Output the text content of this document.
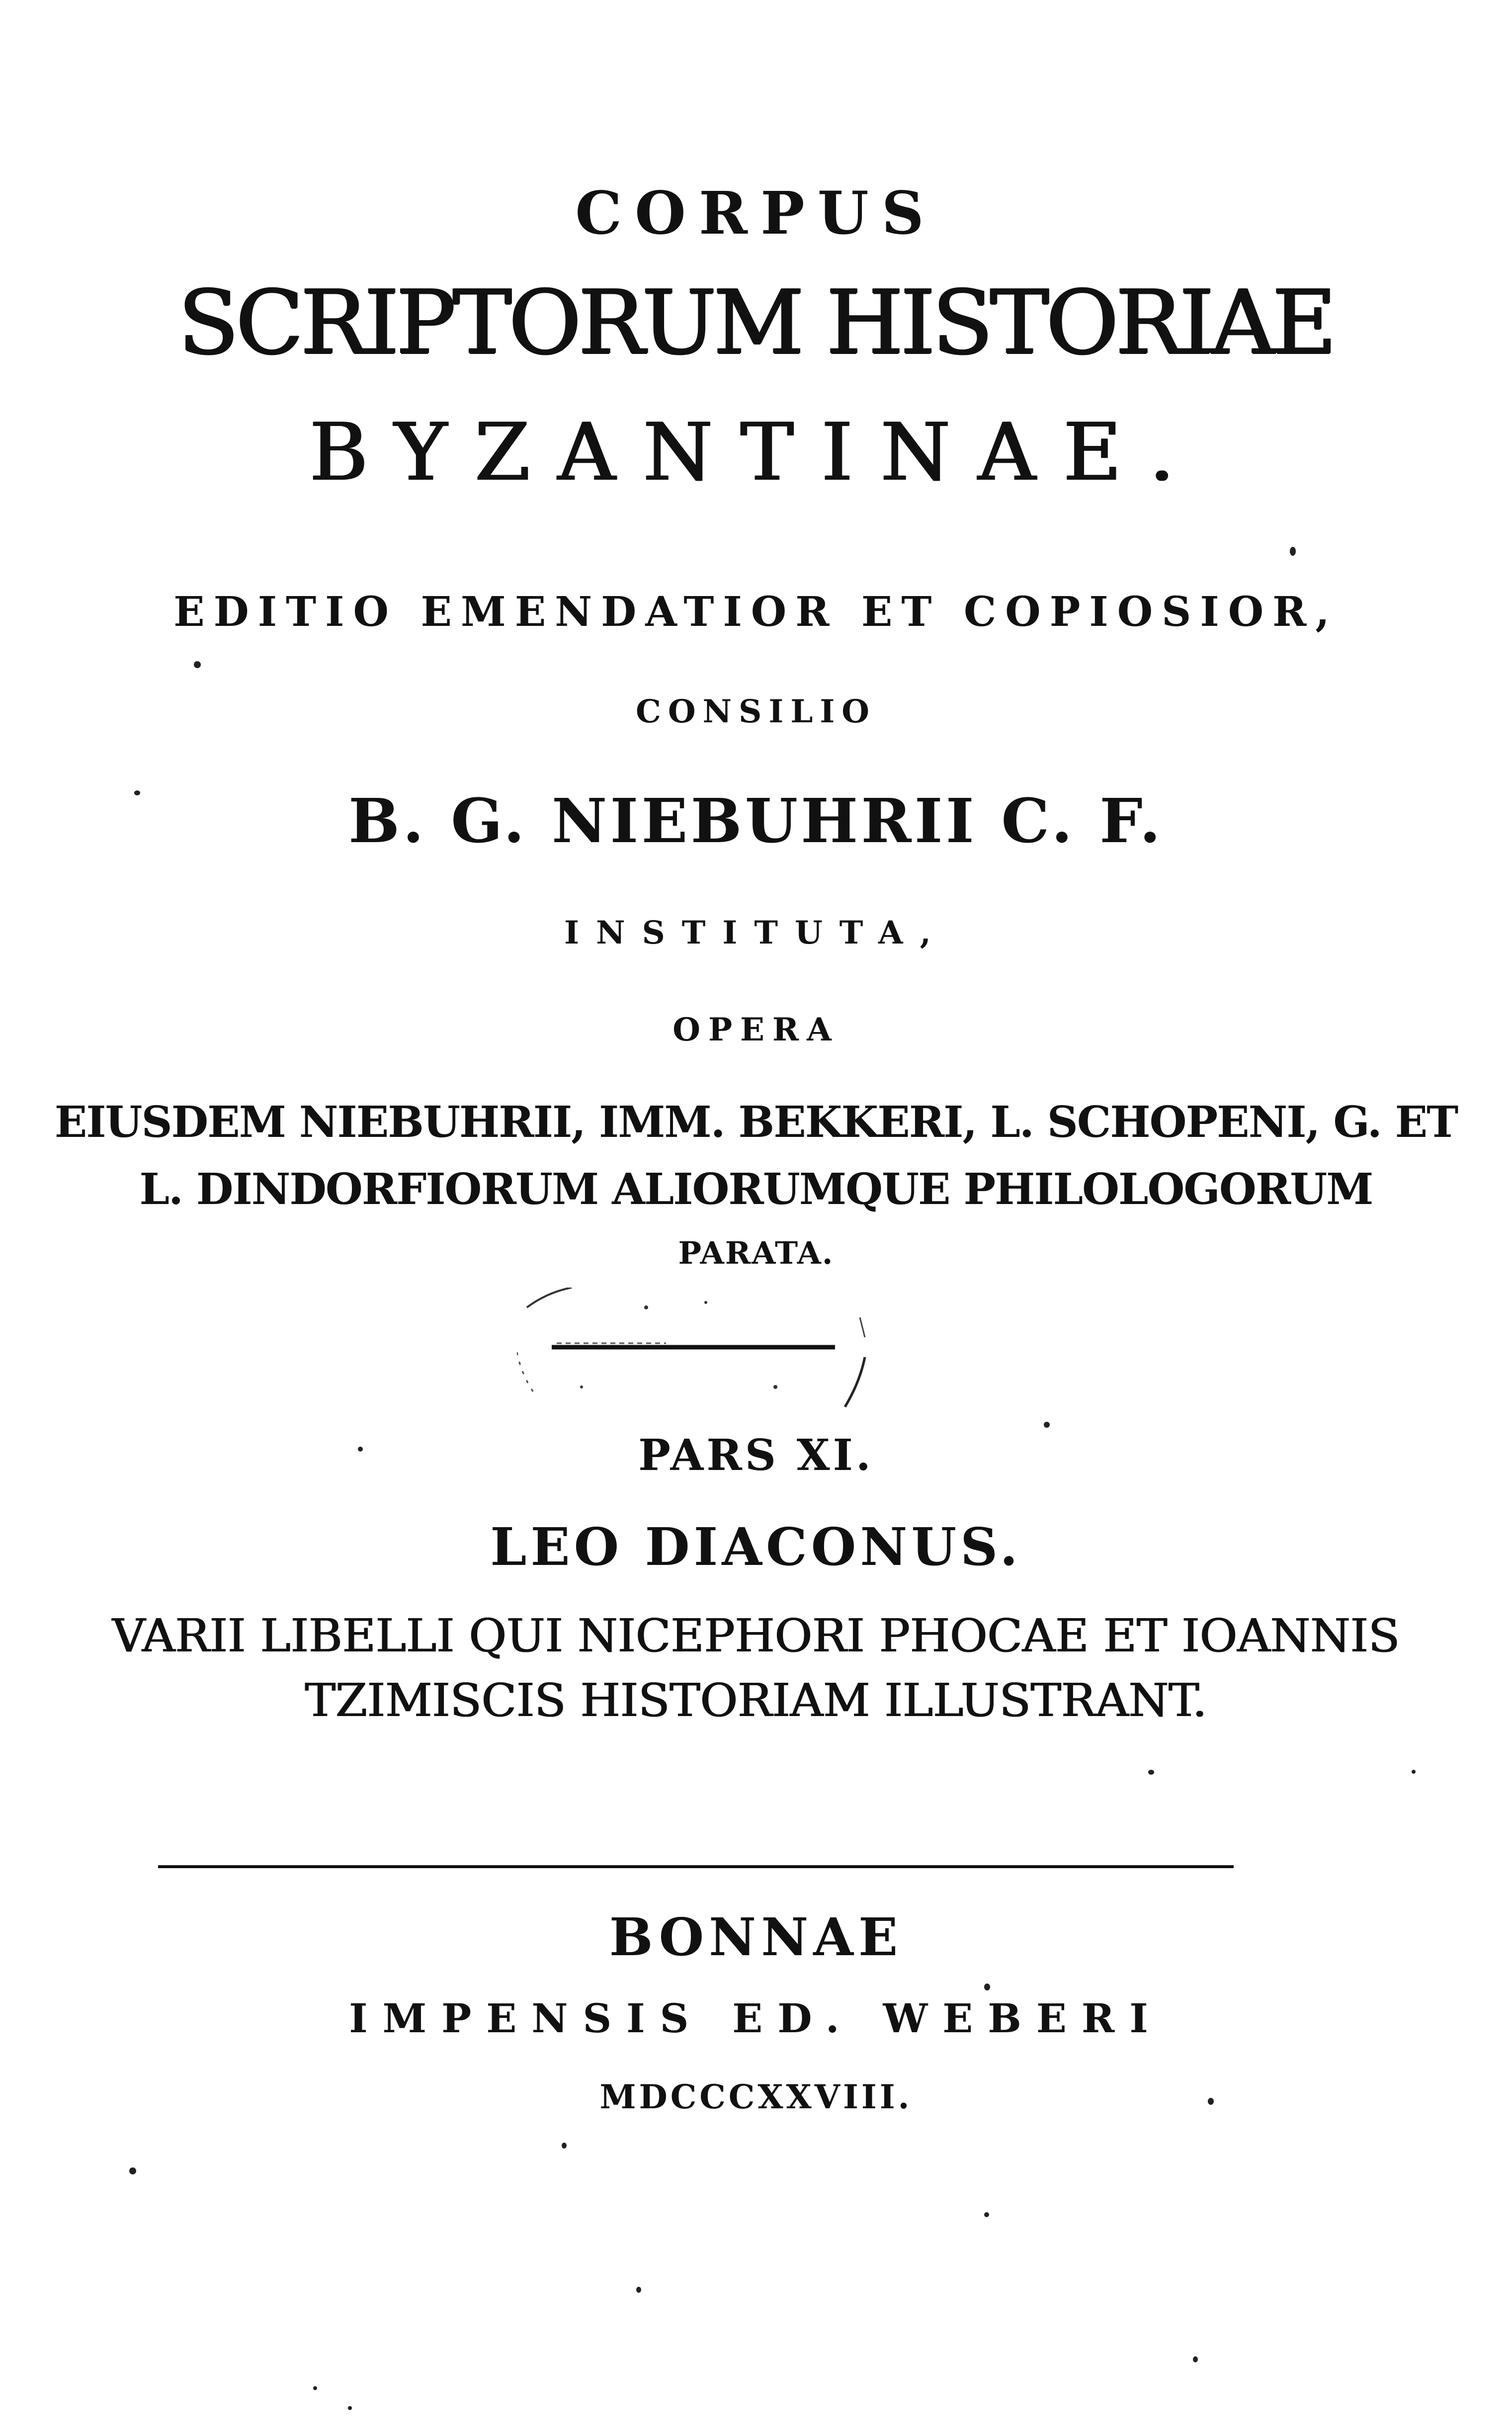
CORPUS
SCRIPTORUM HISTORIAE
BYZANTINAE.
EDITIO EMENDATIOR ET COPIOSIOR,
CONSILIO
B. G. NIEBUHRII C. F.
INSTITUTA,
OPERA
EIUSDEM NIEBUHRII, IMM. BEKKERI, L. SCHOPENI, G. ET
L. DINDORFIORUM ALIORUMQUE PHILOLOGORUM
PARATA.
PARS XI.
LEO DIACONUS.
VARII LIBELLI QUI NICEPHORI PHOCAE ET IOANNIS
TZIMISCIS HISTORIAM ILLUSTRANT.
BONNAE
IMPENSIS ED. WEBERI
MDCCCXXVIII.
